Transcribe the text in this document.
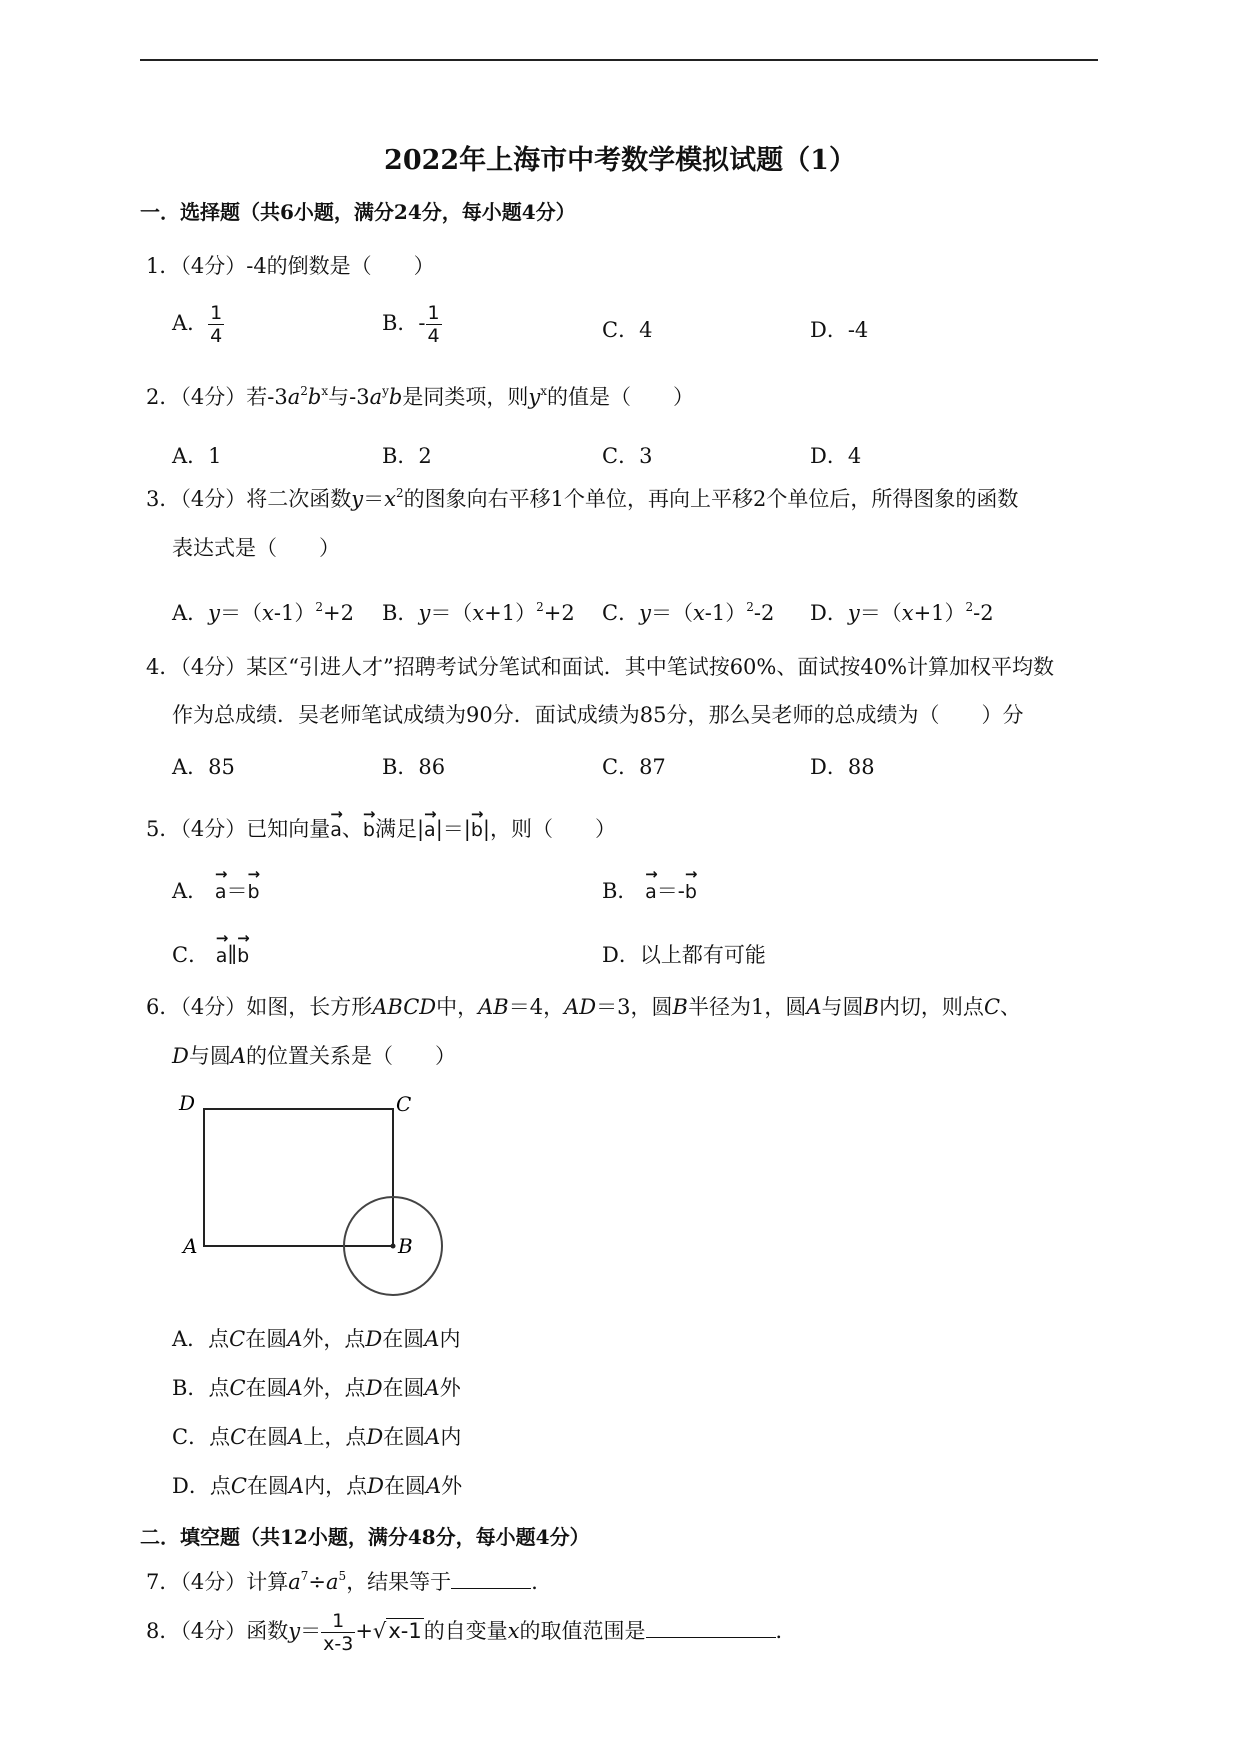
2022年上海市中考数学模拟试题（1）
一．选择题（共6小题，满分24分，每小题4分）
1．（4分）-4的倒数是（　　）
A． $\frac{1}{4}$	B．- $\frac{1}{4}$	C．4	D．-4
2．（4分）若$-3a^2b^x$与$-3a^yb$是同类项，则$y^x$的值是（　　）
A．1	B．2	C．3	D．4
3．（4分）将二次函数$y=x^2$的图象向右平移1个单位，再向上平移2个单位后，所得图象的函数
表达式是（　　）
A．$y=(x-1)^2+2$ B．$y=(x+1)^2+2$ C．$y=(x-1)^2-2$ D．$y=(x+1)^2-2$
4．（4分）某区“引进人才”招聘考试分笔试和面试．其中笔试按60%、面试按40%计算加权平均数
作为总成绩．吴老师笔试成绩为90分．面试成绩为85分，那么吴老师的总成绩为（　　）分
A．85	B．86	C．87	D．88
5．（4分）已知向量→ a、→ b满足|→ a|＝|→ b|，则（　　）
A． → a＝→ b	B． → a＝-→ b
C． → a∥→ b	D．以上都有可能
6．（4分）如图，长方形ABCD中，AB＝4，AD＝3，圆B半径为1，圆A与圆B内切，则点C、
D与圆A的位置关系是（　　）
D	C
A	B
A．点C在圆A外，点D在圆A内
B．点C在圆A外，点D在圆A外
C．点C在圆A上，点D在圆A内
D．点C在圆A内，点D在圆A外
二．填空题（共12小题，满分48分，每小题4分）
7．（4分）计算$a^7\div a^5$，结果等于	．
8．（4分）函数$y= \frac{1}{x-3} +√x-1$的自变量x的取值范围是	．
